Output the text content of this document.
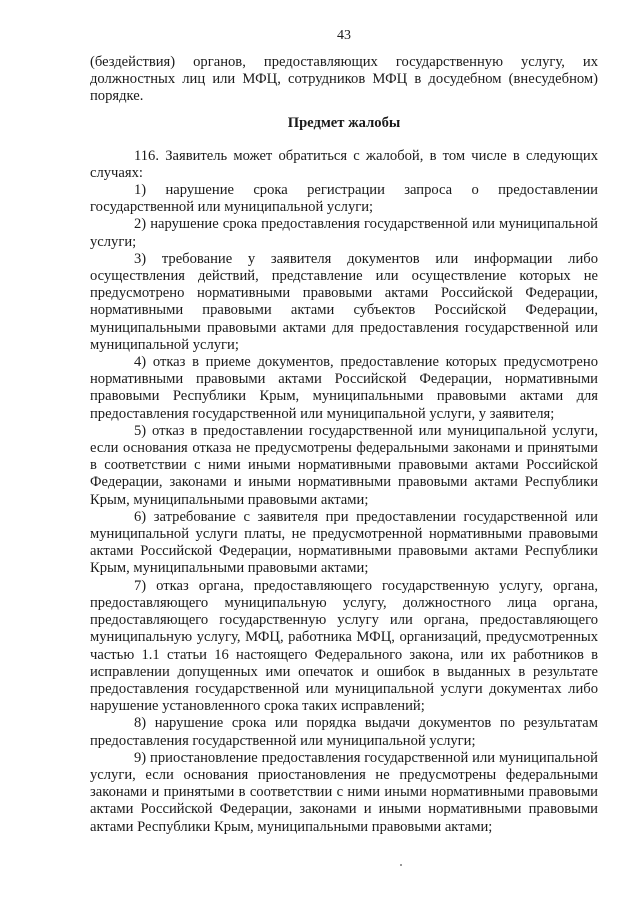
43

(бездействия) органов, предоставляющих государственную услугу, их должностных лиц или МФЦ, сотрудников МФЦ в досудебном (внесудебном) порядке.

Предмет жалобы

116. Заявитель может обратиться с жалобой, в том числе в следующих случаях:

1) нарушение срока регистрации запроса о предоставлении государственной или муниципальной услуги;

2) нарушение срока предоставления государственной или муниципальной услуги;

3) требование у заявителя документов или информации либо осуществления действий, представление или осуществление которых не предусмотрено нормативными правовыми актами Российской Федерации, нормативными правовыми актами субъектов Российской Федерации, муниципальными правовыми актами для предоставления государственной или муниципальной услуги;

4) отказ в приеме документов, предоставление которых предусмотрено нормативными правовыми актами Российской Федерации, нормативными правовыми Республики Крым, муниципальными правовыми актами для предоставления государственной или муниципальной услуги, у заявителя;

5) отказ в предоставлении государственной или муниципальной услуги, если основания отказа не предусмотрены федеральными законами и принятыми в соответствии с ними иными нормативными правовыми актами Российской Федерации, законами и иными нормативными правовыми актами Республики Крым, муниципальными правовыми актами;

6) затребование с заявителя при предоставлении государственной или муниципальной услуги платы, не предусмотренной нормативными правовыми актами Российской Федерации, нормативными правовыми актами Республики Крым, муниципальными правовыми актами;

7) отказ органа, предоставляющего государственную услугу, органа, предоставляющего муниципальную услугу, должностного лица органа, предоставляющего государственную услугу или органа, предоставляющего муниципальную услугу, МФЦ, работника МФЦ, организаций, предусмотренных частью 1.1 статьи 16 настоящего Федерального закона, или их работников в исправлении допущенных ими опечаток и ошибок в выданных в результате предоставления государственной или муниципальной услуги документах либо нарушение установленного срока таких исправлений;

8) нарушение срока или порядка выдачи документов по результатам предоставления государственной или муниципальной услуги;

9) приостановление предоставления государственной или муниципальной услуги, если основания приостановления не предусмотрены федеральными законами и принятыми в соответствии с ними иными нормативными правовыми актами Российской Федерации, законами и иными нормативными правовыми актами Республики Крым, муниципальными правовыми актами;
